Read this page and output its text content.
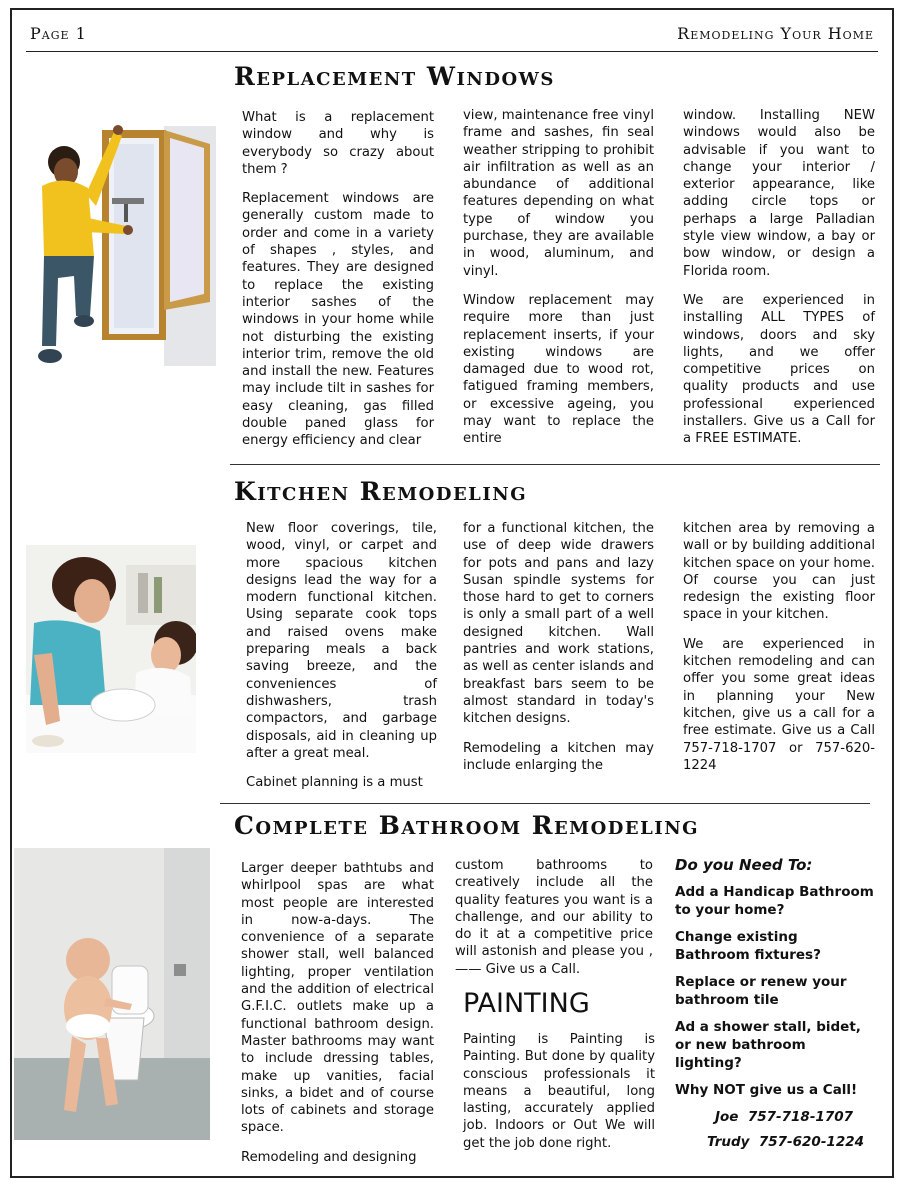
Page 1	Remodeling Your Home
Replacement Windows

What is a replacement window and why is everybody so crazy about them ?

Replacement windows are generally custom made to order and come in a variety of shapes , styles, and features. They are designed to replace the existing interior sashes of the windows in your home while not disturbing the existing interior trim, remove the old and install the new. Features may include tilt in sashes for easy cleaning, gas filled double paned glass for energy efficiency and clear

view, maintenance free vinyl frame and sashes, fin seal weather stripping to prohibit air infiltration as well as an abundance of additional features depending on what type of window you purchase, they are available in wood, aluminum, and vinyl.

Window replacement may require more than just replacement inserts, if your existing windows are damaged due to wood rot, fatigued framing members, or excessive ageing, you may want to replace the entire

window. Installing NEW windows would also be advisable if you want to change your interior / exterior appearance, like adding circle tops or perhaps a large Palladian style view window, a bay or bow window, or design a Florida room.

We are experienced in installing ALL TYPES of windows, doors and sky lights, and we offer competitive prices on quality products and use professional experienced installers. Give us a Call for a FREE ESTIMATE.

Kitchen Remodeling

New floor coverings, tile, wood, vinyl, or carpet and more spacious kitchen designs lead the way for a modern functional kitchen. Using separate cook tops and raised ovens make preparing meals a back saving breeze, and the conveniences of dishwashers, trash compactors, and garbage disposals, aid in cleaning up after a great meal.

Cabinet planning is a must

for a functional kitchen, the use of deep wide drawers for pots and pans and lazy Susan spindle systems for those hard to get to corners is only a small part of a well designed kitchen. Wall pantries and work stations, as well as center islands and breakfast bars seem to be almost standard in today's kitchen designs.

Remodeling a kitchen may include enlarging the

kitchen area by removing a wall or by building additional kitchen space on your home. Of course you can just redesign the existing floor space in your kitchen.

We are experienced in kitchen remodeling and can offer you some great ideas in planning your New kitchen, give us a call for a free estimate. Give us a Call 757-718-1707 or 757-620-1224

Complete Bathroom Remodeling

Larger deeper bathtubs and whirlpool spas are what most people are interested in now-a-days. The convenience of a separate shower stall, well balanced lighting, proper ventilation and the addition of electrical G.F.I.C. outlets make up a functional bathroom design. Master bathrooms may want to include dressing tables, make up vanities, facial sinks, a bidet and of course lots of cabinets and storage space.

Remodeling and designing

custom bathrooms to creatively include all the quality features you want is a challenge, and our ability to do it at a competitive price will astonish and please you , —— Give us a Call.

PAINTING

Painting is Painting is Painting. But done by quality conscious professionals it means a beautiful, long lasting, accurately applied job. Indoors or Out We will get the job done right.

Do you Need To:

Add a Handicap Bathroom to your home?

Change existing Bathroom fixtures?

Replace or renew your bathroom tile

Ad a shower stall, bidet, or new bathroom lighting?

Why NOT give us a Call!

Joe  757-718-1707

Trudy  757-620-1224
